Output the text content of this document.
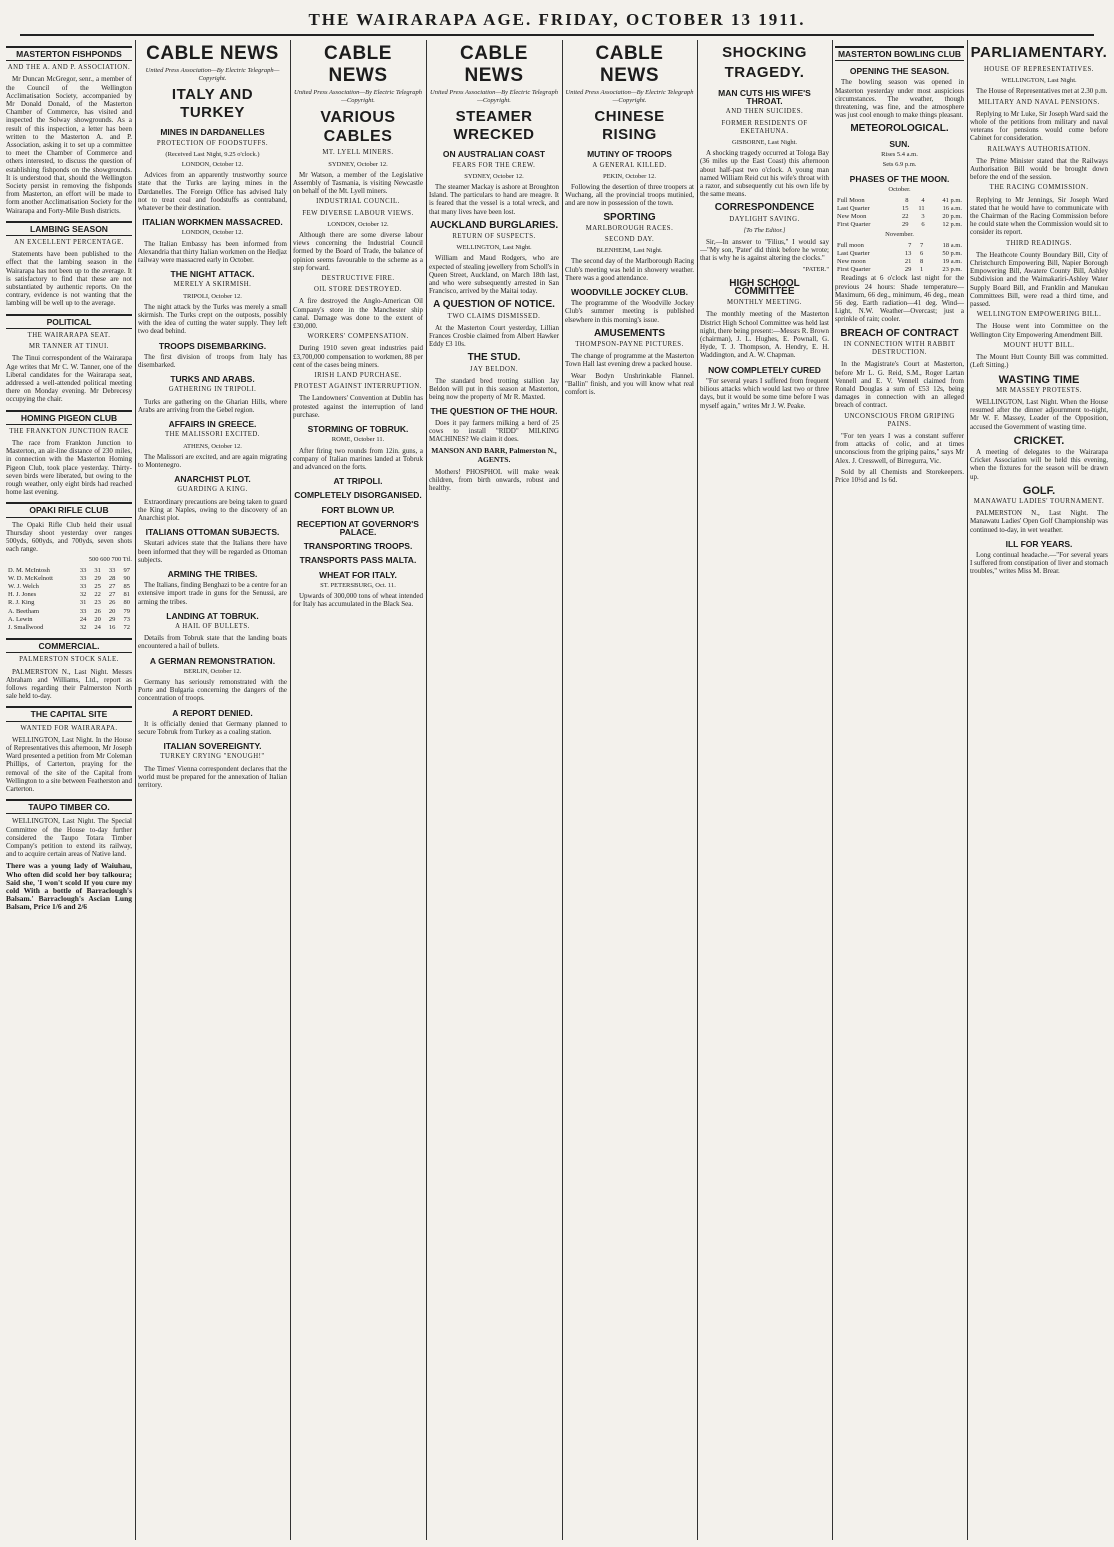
THE WAIRARAPA AGE. FRIDAY, OCTOBER 13 1911.
MASTERTON FISHPONDS
AND THE A. AND P. ASSOCIATION.

Mr Duncan McGregor, senr., a member of the Council of the Wellington Acclimatisation Society, accompanied by Mr Donald Donald, of the Masterton Chamber of Commerce, has visited and inspected the Solway showgrounds. As a result of this inspection, a letter has been written to the Masterton A. and P. Association, asking it to set up a committee to meet the Chamber of Commerce and others interested, to discuss the question of establishing fishponds on the showgrounds. It is understood that, should the Wellington Society persist in removing the fishponds from Masterton, an effort will be made to form another Acclimatisation Society for the Wairarapa and Forty-Mile Bush districts.

LAMBING SEASON
AN EXCELLENT PERCENTAGE.

Statements have been published to the effect that the lambing season in the Wairarapa has not been up to the average. It is satisfactory to find that these are not substantiated by authentic reports. On the contrary, evidence is not wanting that the lambing will be well up to the average.

POLITICAL
THE WAIRARAPA SEAT.
MR TANNER AT TINUI.

The Tinui correspondent of the Wairarapa Age writes that Mr C. W. Tanner, one of the Liberal candidates for the Wairarapa seat, addressed a well-attended political meeting there on Monday evening. Mr Debrecesy occupying the chair.

HOMING PIGEON CLUB
THE FRANKTON JUNCTION RACE

The race from Frankton Junction to Masterton, an air-line distance of 230 miles, in connection with the Masterton Homing Pigeon Club, took place yesterday. Thirty-seven birds were liberated, but owing to the rough weather, only eight birds had reached home last evening.

OPAKI RIFLE CLUB

The Opaki Rifle Club held their usual Thursday shoot yesterday over ranges 500yds, 600yds, and 700yds, seven shots each range.

500 600 700 Ttl.
D. M. McIntosh	33	31	33	97
W. D. McKelnott	33	29	28	90
W. J. Welch	33	25	27	85
H. J. Jones	32	22	27	81
R. J. King	31	23	26	80
A. Beetham	33	26	20	79
A. Lewin	24	20	29	73
J. Smallwood	32	24	16	72
COMMERCIAL.
PALMERSTON STOCK SALE.

PALMERSTON N., Last Night. Messrs Abraham and Williams, Ltd., report as follows regarding their Palmerston North sale held to-day.

THE CAPITAL SITE
WANTED FOR WAIRARAPA.

WELLINGTON, Last Night. In the House of Representatives this afternoon, Mr Joseph Ward presented a petition from Mr Coleman Phillips, of Carterton, praying for the removal of the site of the Capital from Wellington to a site between Featherston and Carterton.

TAUPO TIMBER CO.

WELLINGTON, Last Night. The Special Committee of the House to-day further considered the Taupo Totara Timber Company's petition to extend its railway, and to acquire certain areas of Native land.

There was a young lady of Waiuhau, Who often did scold her boy talkoura; Said she, 'I won't scold If you cure my cold With a bottle of Barraclough's Balsam.' Barraclough's Ascian Lung Balsam, Price 1/6 and 2/6
CABLE NEWS
United Press Association—By Electric Telegraph—Copyright.
ITALY AND TURKEY
MINES IN DARDANELLES
PROTECTION OF FOODSTUFFS.
(Received Last Night, 9.25 o'clock.)
LONDON, October 12.

Advices from an apparently trustworthy source state that the Turks are laying mines in the Dardanelles. The Foreign Office has advised Italy not to treat coal and foodstuffs as contraband, whatever be their destination.

ITALIAN WORKMEN MASSACRED.
LONDON, October 12.

The Italian Embassy has been informed from Alexandria that thirty Italian workmen on the Hedjaz railway were massacred early in October.

THE NIGHT ATTACK.
MERELY A SKIRMISH.
TRIPOLI, October 12.

The night attack by the Turks was merely a small skirmish. The Turks crept on the outposts, possibly with the idea of cutting the water supply. They left two dead behind.

TROOPS DISEMBARKING.

The first division of troops from Italy has disembarked.

TURKS AND ARABS.
GATHERING IN TRIPOLI.

Turks are gathering on the Gharian Hills, where Arabs are arriving from the Gebel region.

AFFAIRS IN GREECE.
THE MALISSORI EXCITED.
ATHENS, October 12.

The Malissori are excited, and are again migrating to Montenegro.

ANARCHIST PLOT.
GUARDING A KING.

Extraordinary precautions are being taken to guard the King at Naples, owing to the discovery of an Anarchist plot.

ITALIANS OTTOMAN SUBJECTS.

Skutari advices state that the Italians there have been informed that they will be regarded as Ottoman subjects.

ARMING THE TRIBES.

The Italians, finding Benghazi to be a centre for an extensive import trade in guns for the Senussi, are arming the tribes.

LANDING AT TOBRUK.
A HAIL OF BULLETS.

Details from Tobruk state that the landing boats encountered a hail of bullets.

A GERMAN REMONSTRATION.
BERLIN, October 12.

Germany has seriously remonstrated with the Porte and Bulgaria concerning the dangers of the concentration of troops.

A REPORT DENIED.

It is officially denied that Germany planned to secure Tobruk from Turkey as a coaling station.

ITALIAN SOVEREIGNTY.
TURKEY CRYING "ENOUGH!"

The Times' Vienna correspondent declares that the world must be prepared for the annexation of Italian territory.

CABLE NEWS
United Press Association—By Electric Telegraph—Copyright.
VARIOUS CABLES
MT. LYELL MINERS.
SYDNEY, October 12.

Mr Watson, a member of the Legislative Assembly of Tasmania, is visiting Newcastle on behalf of the Mt. Lyell miners.

INDUSTRIAL COUNCIL.
FEW DIVERSE LABOUR VIEWS.
LONDON, October 12.

Although there are some diverse labour views concerning the Industrial Council formed by the Board of Trade, the balance of opinion seems favourable to the scheme as a step forward.

DESTRUCTIVE FIRE.
OIL STORE DESTROYED.

A fire destroyed the Anglo-American Oil Company's store in the Manchester ship canal. Damage was done to the extent of £30,000.

WORKERS' COMPENSATION.

During 1910 seven great industries paid £3,700,000 compensation to workmen, 88 per cent of the cases being miners.

IRISH LAND PURCHASE.
PROTEST AGAINST INTERRUPTION.

The Landowners' Convention at Dublin has protested against the interruption of land purchase.

STORMING OF TOBRUK.
ROME, October 11.

After firing two rounds from 12in. guns, a company of Italian marines landed at Tobruk and advanced on the forts.

AT TRIPOLI.
COMPLETELY DISORGANISED.
FORT BLOWN UP.
RECEPTION AT GOVERNOR'S PALACE.
TRANSPORTING TROOPS.
TRANSPORTS PASS MALTA.
WHEAT FOR ITALY.
ST. PETERSBURG, Oct. 11.

Upwards of 300,000 tons of wheat intended for Italy has accumulated in the Black Sea.

CABLE NEWS
United Press Association—By Electric Telegraph—Copyright.
STEAMER WRECKED
ON AUSTRALIAN COAST
FEARS FOR THE CREW.
SYDNEY, October 12.

The steamer Mackay is ashore at Broughton Island. The particulars to hand are meagre. It is feared that the vessel is a total wreck, and that many lives have been lost.

AUCKLAND BURGLARIES.
RETURN OF SUSPECTS.
WELLINGTON, Last Night.

William and Maud Rodgers, who are expected of stealing jewellery from Scholl's in Queen Street, Auckland, on March 18th last, and who were subsequently arrested in San Francisco, arrived by the Maitai today.

A QUESTION OF NOTICE.
TWO CLAIMS DISMISSED.

At the Masterton Court yesterday, Lillian Frances Crosbie claimed from Albert Hawker Eddy £3 10s.

THE STUD.
JAY BELDON.

The standard bred trotting stallion Jay Beldon will put in this season at Masterton, being now the property of Mr R. Maxted.

THE QUESTION OF THE HOUR.

Does it pay farmers milking a herd of 25 cows to install "RIDD" MILKING MACHINES? We claim it does.

MANSON AND BARR, Palmerston N., AGENTS.

Mothers! PHOSPHOL will make weak children, from birth onwards, robust and healthy.

CABLE NEWS
United Press Association—By Electric Telegraph—Copyright.
CHINESE RISING
MUTINY OF TROOPS
A GENERAL KILLED.
PEKIN, October 12.

Following the desertion of three troopers at Wuchang, all the provincial troops mutinied, and are now in possession of the town.

SPORTING
MARLBOROUGH RACES.
SECOND DAY.
BLENHEIM, Last Night.

The second day of the Marlborough Racing Club's meeting was held in showery weather. There was a good attendance.

WOODVILLE JOCKEY CLUB.

The programme of the Woodville Jockey Club's summer meeting is published elsewhere in this morning's issue.

AMUSEMENTS
THOMPSON-PAYNE PICTURES.

The change of programme at the Masterton Town Hall last evening drew a packed house.

Wear Bodyn Unshrinkable Flannel. "Ballin" finish, and you will know what real comfort is.

SHOCKING TRAGEDY.
MAN CUTS HIS WIFE'S THROAT.
AND THEN SUICIDES.
FORMER RESIDENTS OF EKETAHUNA.
GISBORNE, Last Night.

A shocking tragedy occurred at Tologa Bay (36 miles up the East Coast) this afternoon about half-past two o'clock. A young man named William Reid cut his wife's throat with a razor, and subsequently cut his own life by the same means.

CORRESPONDENCE
DAYLIGHT SAVING.
[To The Editor.]

Sir,—In answer to "Filius," I would say—"My son, 'Pater' did think before he wrote; that is why he is against altering the clocks."

"PATER."
HIGH SCHOOL COMMITTEE
MONTHLY MEETING.

The monthly meeting of the Masterton District High School Committee was held last night, there being present:—Messrs R. Brown (chairman), J. L. Hughes, E. Pownall, G. Hyde, T. J. Thompson, A. Hendry, E. H. Waddington, and A. W. Chapman.

NOW COMPLETELY CURED

"For several years I suffered from frequent bilious attacks which would last two or three days, but it would be some time before I was myself again," writes Mr J. W. Peake.

MASTERTON BOWLING CLUB
OPENING THE SEASON.

The bowling season was opened in Masterton yesterday under most auspicious circumstances. The weather, though threatening, was fine, and the atmosphere was just cool enough to make things pleasant.

METEOROLOGICAL.
SUN.
Rises 5.4 a.m.
Sets 6.9 p.m.
PHASES OF THE MOON.
October.
Full Moon	8	4	41 p.m.
Last Quarter	15	11	16 a.m.
New Moon	22	3	20 p.m.
First Quarter	29	6	12 p.m.
November.
Full moon	7	7	18 a.m.
Last Quarter	13	6	50 p.m.
New moon	21	8	19 a.m.
First Quarter	29	1	23 p.m.

Readings at 6 o'clock last night for the previous 24 hours: Shade temperature—Maximum, 66 deg., minimum, 46 deg., mean 56 deg. Earth radiation—41 deg. Wind—Light, N.W. Weather—Overcast; just a sprinkle of rain; cooler.

BREACH OF CONTRACT
IN CONNECTION WITH RABBIT DESTRUCTION.

In the Magistrate's Court at Masterton, before Mr L. G. Reid, S.M., Roger Lartan Vennell and E. V. Vennell claimed from Ronald Douglas a sum of £53 12s, being damages in connection with an alleged breach of contract.

UNCONSCIOUS FROM GRIPING PAINS.

"For ten years I was a constant sufferer from attacks of colic, and at times unconscious from the griping pains," says Mr Alex. J. Cresswell, of Birregurra, Vic.

Sold by all Chemists and Storekeepers. Price 10½d and 1s 6d.

PARLIAMENTARY.
HOUSE OF REPRESENTATIVES.
WELLINGTON, Last Night.

The House of Representatives met at 2.30 p.m.

MILITARY AND NAVAL PENSIONS.

Replying to Mr Luke, Sir Joseph Ward said the whole of the petitions from military and naval veterans for pensions would come before Cabinet for consideration.

RAILWAYS AUTHORISATION.

The Prime Minister stated that the Railways Authorisation Bill would be brought down before the end of the session.

THE RACING COMMISSION.

Replying to Mr Jennings, Sir Joseph Ward stated that he would have to communicate with the Chairman of the Racing Commission before he could state when the Commission would sit to consider its report.

THIRD READINGS.

The Heathcote County Boundary Bill, City of Christchurch Empowering Bill, Napier Borough Empowering Bill, Awatere County Bill, Ashley Subdivision and the Waimakariri-Ashley Water Supply Board Bill, and Franklin and Manukau Committees Bill, were read a third time, and passed.

WELLINGTON EMPOWERING BILL.

The House went into Committee on the Wellington City Empowering Amendment Bill.

MOUNT HUTT BILL.

The Mount Hutt County Bill was committed. (Left Sitting.)

WASTING TIME
MR MASSEY PROTESTS.

WELLINGTON, Last Night. When the House resumed after the dinner adjournment to-night, Mr W. F. Massey, Leader of the Opposition, accused the Government of wasting time.

CRICKET.

A meeting of delegates to the Wairarapa Cricket Association will be held this evening, when the fixtures for the season will be drawn up.

GOLF.
MANAWATU LADIES' TOURNAMENT.

PALMERSTON N., Last Night. The Manawatu Ladies' Open Golf Championship was continued to-day, in wet weather.

ILL FOR YEARS.

Long continual headache.—"For several years I suffered from constipation of liver and stomach troubles," writes Miss M. Brear.
